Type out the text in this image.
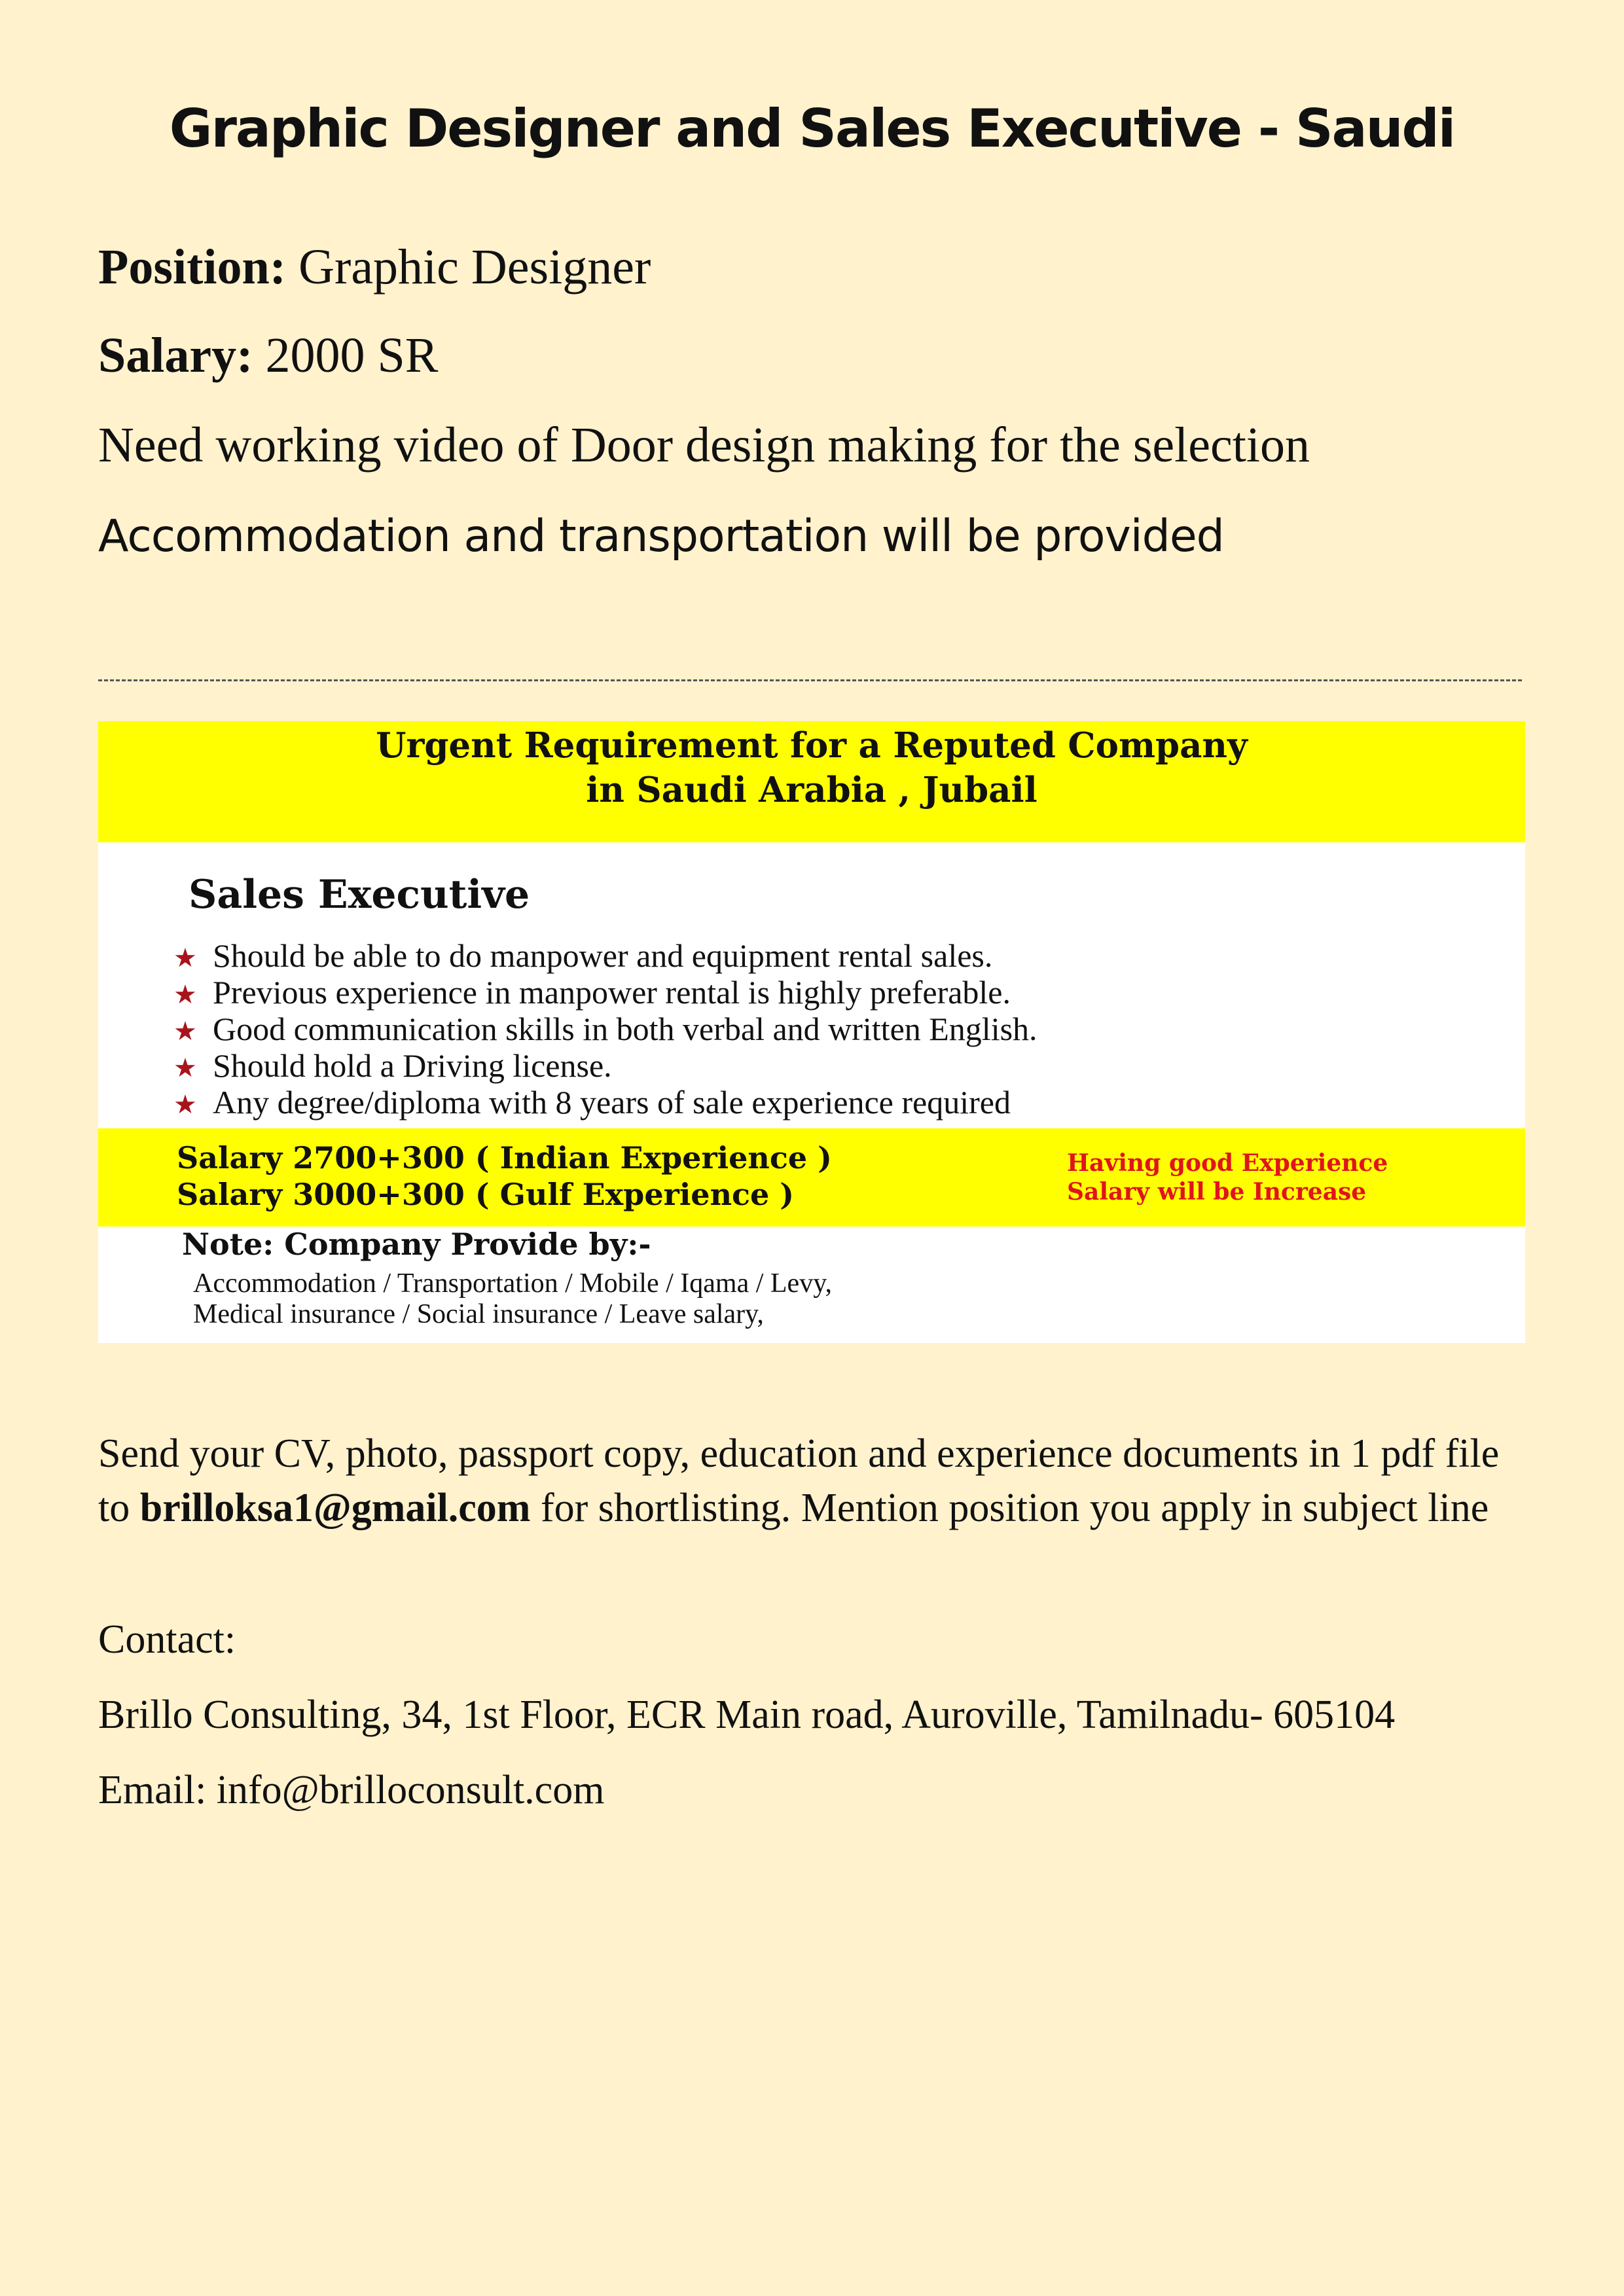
Graphic Designer and Sales Executive - Saudi
Position: Graphic Designer
Salary: 2000 SR
Need working video of Door design making for the selection
Accommodation and transportation will be provided
Urgent Requirement for a Reputed Company
in Saudi Arabia , Jubail
Sales Executive
★ Should be able to do manpower and equipment rental sales.
★ Previous experience in manpower rental is highly preferable.
★ Good communication skills in both verbal and written English.
★ Should hold a Driving license.
★ Any degree/diploma with 8 years of sale experience required
Salary 2700+300 ( Indian Experience )
Salary 3000+300 ( Gulf Experience )
Having good Experience
Salary will be Increase
Note: Company Provide by:-
Accommodation / Transportation / Mobile / Iqama / Levy,
Medical insurance / Social insurance / Leave salary,
Send your CV, photo, passport copy, education and experience documents in 1 pdf file to brilloksa1@gmail.com for shortlisting. Mention position you apply in subject line
Contact:
Brillo Consulting, 34, 1st Floor, ECR Main road, Auroville, Tamilnadu- 605104
Email: info@brilloconsult.com
